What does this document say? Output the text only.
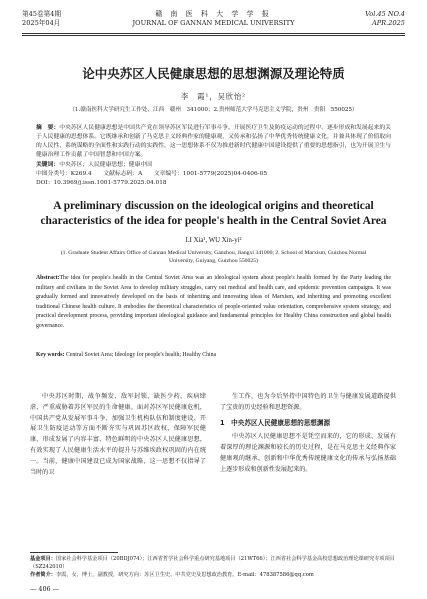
第45卷第4期
2025年04月
赣 南 医 科 大 学 学 报
JOURNAL OF GANNAN MEDICAL UNIVERSITY
Vol.45 NO.4
APR.2025
论中央苏区人民健康思想的思想渊源及理论特质
李　霞¹，吴欣怡²
（1.赣南医科大学研究生工作处，江西　赣州　341000；2.贵州师范大学马克思主义学院，贵州　贵阳　550025）
摘　要：中央苏区人民健康思想是中国共产党在领导苏区军民进行军事斗争、开展医疗卫生及防疫运动的过程中，逐步形成和发展起来的关于人民健康的思想体系。它既继承和创新了马克思主义经典作家的健康观，又传承和弘扬了中华优秀传统健康文化，并兼具体现了价值取向的人民性、系统谋略的全面性和实践行动的实践性，这一思想体系不仅为推进新时代健康中国建设提供了重要的思想指引，也为开展卫生与健康治理工作贡献了中国智慧和中国方案。
关键词：中央苏区；人民健康思想；健康中国
中图分类号：K269.4　　文献标志码：A　　文章编号：1001-5779(2025)04-0406-05
DOI：10.3969/j.issn.1001-5779.2025.04.018
A preliminary discussion on the ideological origins and theoretical characteristics of the idea for people's health in the Central Soviet Area
LI Xia¹, WU Xin-yi²
(1. Graduate Student Affairs Office of Gannan Medical University, Ganzhou, Jiangxi 341000; 2. School of Marxism, Guizhou Normal University, Guiyang, Guizhou 550025)
Abstract:The idea for people's health in the Central Soviet Area was an ideological system about people's health formed by the Party leading the military and civilians in the Soviet Area to develop military struggles, carry out medical and health care, and epidemic prevention campaigns. It was gradually formed and innovatively developed on the basis of inheriting and innovating ideas of Marxism, and inheriting and promoting excellent traditional Chinese health culture. It embodies the theoretical characteristics of people-oriented value orientation, comprehensive system strategy, and practical development process, providing important ideological guidance and fundamental principles for Healthy China construction and global health governance.
Key words: Central Soviet Area; Ideology for people's health; Healthy China

中央苏区时期，战争频发、敌军封锁、缺医少药、疾病肆虐，严重威胁着苏区军民的生命健康。面对苏区军民健康危机，中国共产党从发展军事斗争、加强卫生机构队伍和制度建设、开展卫生防疫运动等方面不断夯实与巩固苏区政权，保障军民健康，形成发展了内容丰富、特色鲜明的中央苏区人民健康思想，有效实现了人民健康生活水平的提升与苏维埃政权巩固的内在统一。当前，健康中国建设已成为国家战略，这一思想不仅指导了当时的卫

生工作，也为今后坚持中国特色的卫生与健康发展道路提供了宝贵的历史经验和思想资源。

1　中央苏区人民健康思想的思想渊源

中央苏区人民健康思想不是凭空而来的，它的形成、发展有着深厚的理论渊源和较长的历史过程，是在马克思主义经典作家健康观的继承、创新和中华优秀传统健康文化的传承与弘扬基础上逐步形成和创新性发展起来的。

基金项目：国家社会科学基金项目（20BDJ074）；江西省哲学社会科学重点研究基地项目（21WT66）；江西省社会科学基金高校思想政治理论课研究专项项目（SZ242010）
作者简介：李霞，女，博士，副教授，研究方向：苏区卫生史、中共党史及思想政治教育。E-mail：478387586@qq.com
— 406 —
